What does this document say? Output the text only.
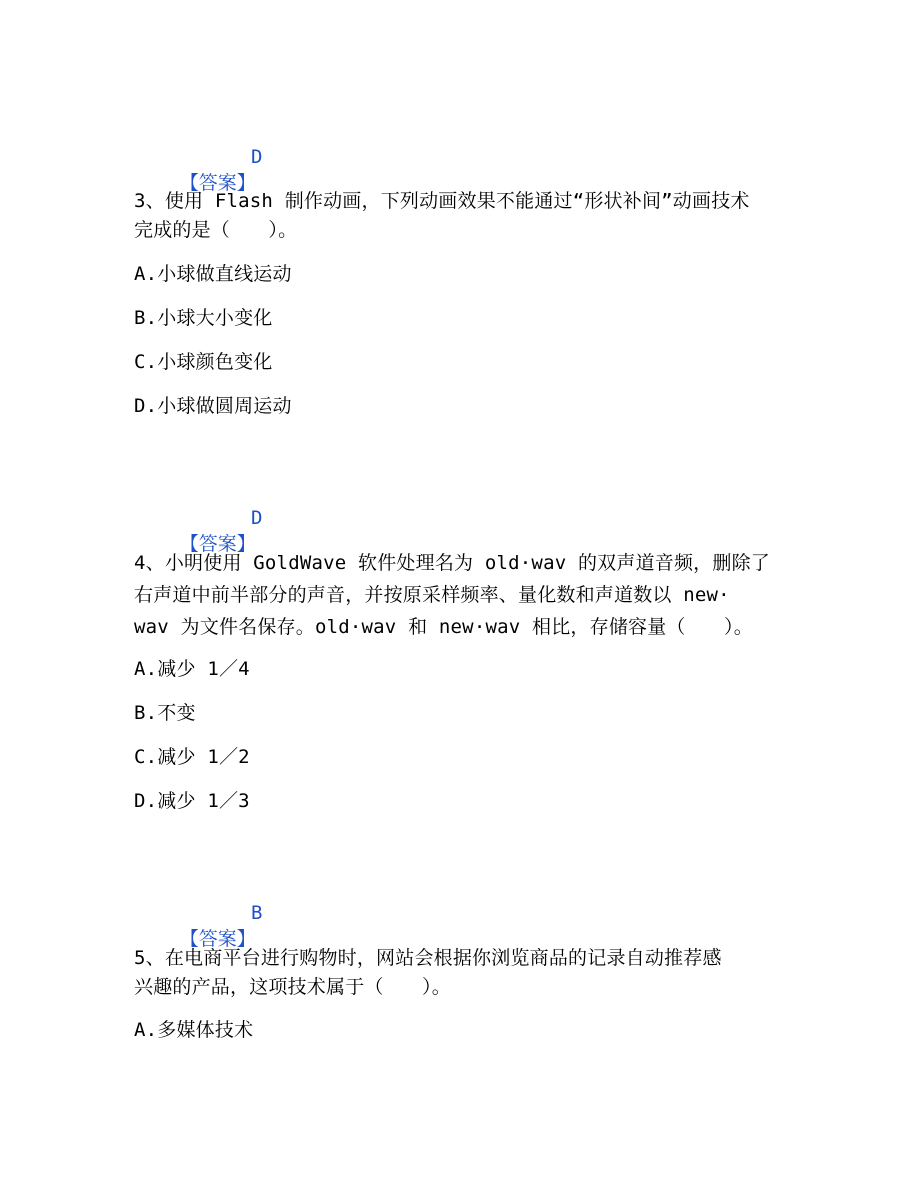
【答案】

D

3、使用 Flash 制作动画，下列动画效果不能通过“形状补间”动画技术
完成的是（　　）。
A.小球做直线运动
B.小球大小变化
C.小球颜色变化
D.小球做圆周运动

【答案】

D

4、小明使用 GoldWave 软件处理名为 old·wav 的双声道音频，删除了
右声道中前半部分的声音，并按原采样频率、量化数和声道数以 new·
wav 为文件名保存。old·wav 和 new·wav 相比，存储容量（　　）。
A.减少 1／4
B.不变
C.减少 1／2
D.减少 1／3

【答案】

B

5、在电商平台进行购物时，网站会根据你浏览商品的记录自动推荐感
兴趣的产品，这项技术属于（　　）。
A.多媒体技术
